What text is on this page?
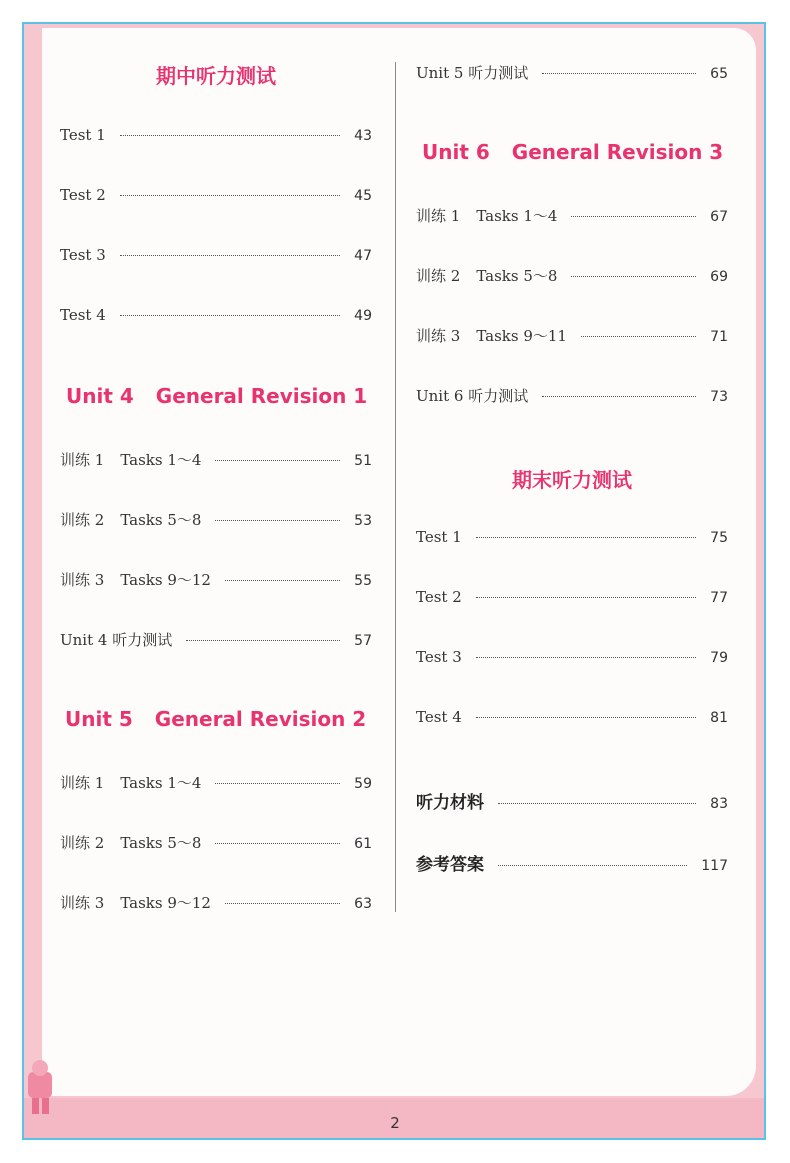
期中听力测试
Test 1	43
Test 2	45
Test 3	47
Test 4	49
Unit 4 General Revision 1
训练 1 Tasks 1～4	51
训练 2 Tasks 5～8	53
训练 3 Tasks 9～12	55
Unit 4 听力测试	57
Unit 5 General Revision 2
训练 1 Tasks 1～4	59
训练 2 Tasks 5～8	61
训练 3 Tasks 9～12	63
Unit 5 听力测试	65
Unit 6 General Revision 3
训练 1 Tasks 1～4	67
训练 2 Tasks 5～8	69
训练 3 Tasks 9～11	71
Unit 6 听力测试	73
期末听力测试
Test 1	75
Test 2	77
Test 3	79
Test 4	81
听力材料	83
参考答案	117
2
